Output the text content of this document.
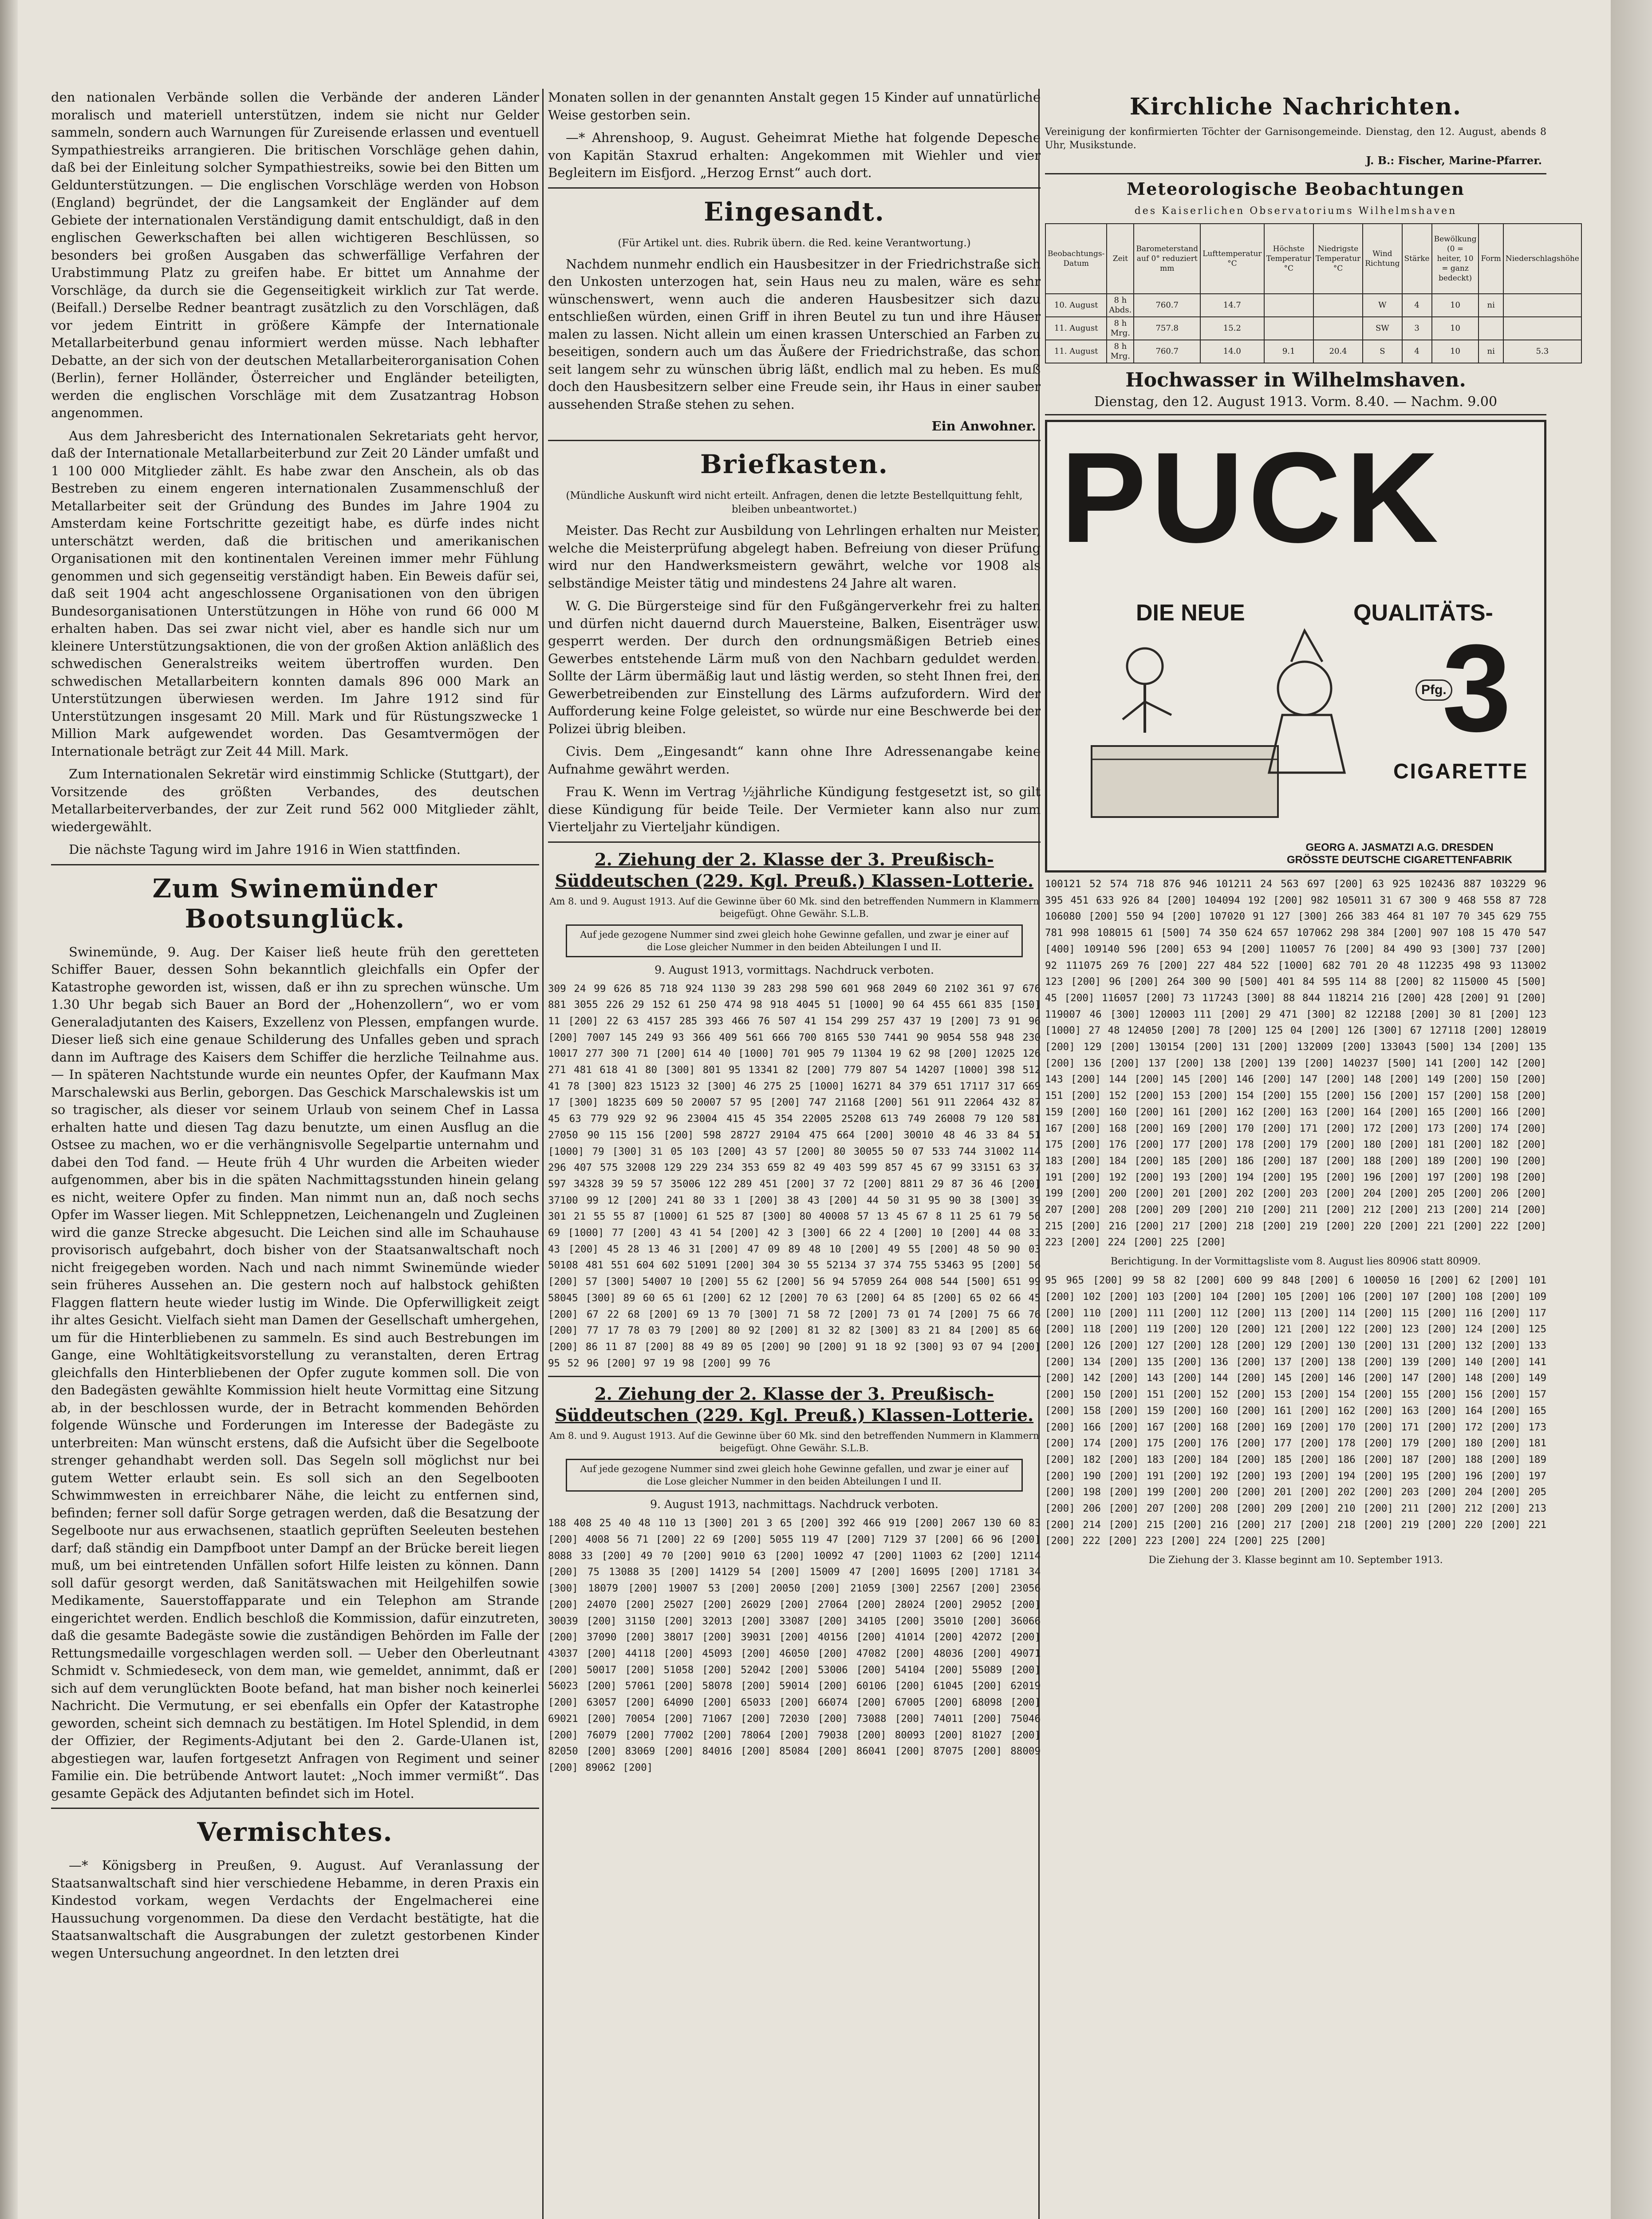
den nationalen Verbände sollen die Verbände der anderen Länder moralisch und materiell unterstützen, indem sie nicht nur Gelder sammeln, sondern auch Warnungen für Zureisende erlassen und eventuell Sympathiestreiks arrangieren. Die britischen Vorschläge gehen dahin, daß bei der Einleitung solcher Sympathiestreiks, sowie bei den Bitten um Geldunterstützungen. — Die englischen Vorschläge werden von Hobson (England) begründet, der die Langsamkeit der Engländer auf dem Gebiete der internationalen Verständigung damit entschuldigt, daß in den englischen Gewerkschaften bei allen wichtigeren Beschlüssen, so besonders bei großen Ausgaben das schwerfällige Verfahren der Urabstimmung Platz zu greifen habe. Er bittet um Annahme der Vorschläge, da durch sie die Gegenseitigkeit wirklich zur Tat werde. (Beifall.) Derselbe Redner beantragt zusätzlich zu den Vorschlägen, daß vor jedem Eintritt in größere Kämpfe der Internationale Metallarbeiterbund genau informiert werden müsse. Nach lebhafter Debatte, an der sich von der deutschen Metallarbeiterorganisation Cohen (Berlin), ferner Holländer, Österreicher und Engländer beteiligten, werden die englischen Vorschläge mit dem Zusatzantrag Hobson angenommen.

Aus dem Jahresbericht des Internationalen Sekretariats geht hervor, daß der Internationale Metallarbeiterbund zur Zeit 20 Länder umfaßt und 1 100 000 Mitglieder zählt. Es habe zwar den Anschein, als ob das Bestreben zu einem engeren internationalen Zusammenschluß der Metallarbeiter seit der Gründung des Bundes im Jahre 1904 zu Amsterdam keine Fortschritte gezeitigt habe, es dürfe indes nicht unterschätzt werden, daß die britischen und amerikanischen Organisationen mit den kontinentalen Vereinen immer mehr Fühlung genommen und sich gegenseitig verständigt haben. Ein Beweis dafür sei, daß seit 1904 acht angeschlossene Organisationen von den übrigen Bundesorganisationen Unterstützungen in Höhe von rund 66 000 M erhalten haben. Das sei zwar nicht viel, aber es handle sich nur um kleinere Unterstützungsaktionen, die von der großen Aktion anläßlich des schwedischen Generalstreiks weitem übertroffen wurden. Den schwedischen Metallarbeitern konnten damals 896 000 Mark an Unterstützungen überwiesen werden. Im Jahre 1912 sind für Unterstützungen insgesamt 20 Mill. Mark und für Rüstungszwecke 1 Million Mark aufgewendet worden. Das Gesamtvermögen der Internationale beträgt zur Zeit 44 Mill. Mark.

Zum Internationalen Sekretär wird einstimmig Schlicke (Stuttgart), der Vorsitzende des größten Verbandes, des deutschen Metallarbeiterverbandes, der zur Zeit rund 562 000 Mitglieder zählt, wiedergewählt.

Die nächste Tagung wird im Jahre 1916 in Wien stattfinden.

Zum Swinemünder Bootsunglück.

Swinemünde, 9. Aug. Der Kaiser ließ heute früh den geretteten Schiffer Bauer, dessen Sohn bekanntlich gleichfalls ein Opfer der Katastrophe geworden ist, wissen, daß er ihn zu sprechen wünsche. Um 1.30 Uhr begab sich Bauer an Bord der „Hohenzollern“, wo er vom Generaladjutanten des Kaisers, Exzellenz von Plessen, empfangen wurde. Dieser ließ sich eine genaue Schilderung des Unfalles geben und sprach dann im Auftrage des Kaisers dem Schiffer die herzliche Teilnahme aus. — In späteren Nachtstunde wurde ein neuntes Opfer, der Kaufmann Max Marschalewski aus Berlin, geborgen. Das Geschick Marschalewskis ist um so tragischer, als dieser vor seinem Urlaub von seinem Chef in Lassa erhalten hatte und diesen Tag dazu benutzte, um einen Ausflug an die Ostsee zu machen, wo er die verhängnisvolle Segelpartie unternahm und dabei den Tod fand. — Heute früh 4 Uhr wurden die Arbeiten wieder aufgenommen, aber bis in die späten Nachmittagsstunden hinein gelang es nicht, weitere Opfer zu finden. Man nimmt nun an, daß noch sechs Opfer im Wasser liegen. Mit Schleppnetzen, Leichenangeln und Zugleinen wird die ganze Strecke abgesucht. Die Leichen sind alle im Schauhause provisorisch aufgebahrt, doch bisher von der Staatsanwaltschaft noch nicht freigegeben worden. Nach und nach nimmt Swinemünde wieder sein früheres Aussehen an. Die gestern noch auf halbstock gehißten Flaggen flattern heute wieder lustig im Winde. Die Opferwilligkeit zeigt ihr altes Gesicht. Vielfach sieht man Damen der Gesellschaft umhergehen, um für die Hinterbliebenen zu sammeln. Es sind auch Bestrebungen im Gange, eine Wohltätigkeitsvorstellung zu veranstalten, deren Ertrag gleichfalls den Hinterbliebenen der Opfer zugute kommen soll. Die von den Badegästen gewählte Kommission hielt heute Vormittag eine Sitzung ab, in der beschlossen wurde, der in Betracht kommenden Behörden folgende Wünsche und Forderungen im Interesse der Badegäste zu unterbreiten: Man wünscht erstens, daß die Aufsicht über die Segelboote strenger gehandhabt werden soll. Das Segeln soll möglichst nur bei gutem Wetter erlaubt sein. Es soll sich an den Segelbooten Schwimmwesten in erreichbarer Nähe, die leicht zu entfernen sind, befinden; ferner soll dafür Sorge getragen werden, daß die Besatzung der Segelboote nur aus erwachsenen, staatlich geprüften Seeleuten bestehen darf; daß ständig ein Dampfboot unter Dampf an der Brücke bereit liegen muß, um bei eintretenden Unfällen sofort Hilfe leisten zu können. Dann soll dafür gesorgt werden, daß Sanitätswachen mit Heilgehilfen sowie Medikamente, Sauerstoffapparate und ein Telephon am Strande eingerichtet werden. Endlich beschloß die Kommission, dafür einzutreten, daß die gesamte Badegäste sowie die zuständigen Behörden im Falle der Rettungsmedaille vorgeschlagen werden soll. — Ueber den Oberleutnant Schmidt v. Schmiedeseck, von dem man, wie gemeldet, annimmt, daß er sich auf dem verunglückten Boote befand, hat man bisher noch keinerlei Nachricht. Die Vermutung, er sei ebenfalls ein Opfer der Katastrophe geworden, scheint sich demnach zu bestätigen. Im Hotel Splendid, in dem der Offizier, der Regiments-Adjutant bei den 2. Garde-Ulanen ist, abgestiegen war, laufen fortgesetzt Anfragen von Regiment und seiner Familie ein. Die betrübende Antwort lautet: „Noch immer vermißt“. Das gesamte Gepäck des Adjutanten befindet sich im Hotel.

Vermischtes.

—* Königsberg in Preußen, 9. August. Auf Veranlassung der Staatsanwaltschaft sind hier verschiedene Hebamme, in deren Praxis ein Kindestod vorkam, wegen Verdachts der Engelmacherei eine Haussuchung vorgenommen. Da diese den Verdacht bestätigte, hat die Staatsanwaltschaft die Ausgrabungen der zuletzt gestorbenen Kinder wegen Untersuchung angeordnet. In den letzten drei

Monaten sollen in der genannten Anstalt gegen 15 Kinder auf unnatürliche Weise gestorben sein.

—* Ahrenshoop, 9. August. Geheimrat Miethe hat folgende Depesche von Kapitän Staxrud erhalten: Angekommen mit Wiehler und vier Begleitern im Eisfjord. „Herzog Ernst“ auch dort.

Eingesandt.
(Für Artikel unt. dies. Rubrik übern. die Red. keine Verantwortung.)

Nachdem nunmehr endlich ein Hausbesitzer in der Friedrichstraße sich den Unkosten unterzogen hat, sein Haus neu zu malen, wäre es sehr wünschenswert, wenn auch die anderen Hausbesitzer sich dazu entschließen würden, einen Griff in ihren Beutel zu tun und ihre Häuser malen zu lassen. Nicht allein um einen krassen Unterschied an Farben zu beseitigen, sondern auch um das Äußere der Friedrichstraße, das schon seit langem sehr zu wünschen übrig läßt, endlich mal zu heben. Es muß doch den Hausbesitzern selber eine Freude sein, ihr Haus in einer sauber aussehenden Straße stehen zu sehen.

Ein Anwohner.
Briefkasten.
(Mündliche Auskunft wird nicht erteilt. Anfragen, denen die letzte Bestellquittung fehlt, bleiben unbeantwortet.)

Meister. Das Recht zur Ausbildung von Lehrlingen erhalten nur Meister, welche die Meisterprüfung abgelegt haben. Befreiung von dieser Prüfung wird nur den Handwerksmeistern gewährt, welche vor 1908 als selbständige Meister tätig und mindestens 24 Jahre alt waren.

W. G. Die Bürgersteige sind für den Fußgängerverkehr frei zu halten und dürfen nicht dauernd durch Mauersteine, Balken, Eisenträger usw. gesperrt werden. Der durch den ordnungsmäßigen Betrieb eines Gewerbes entstehende Lärm muß von den Nachbarn geduldet werden. Sollte der Lärm übermäßig laut und lästig werden, so steht Ihnen frei, den Gewerbetreibenden zur Einstellung des Lärms aufzufordern. Wird der Aufforderung keine Folge geleistet, so würde nur eine Beschwerde bei der Polizei übrig bleiben.

Civis. Dem „Eingesandt“ kann ohne Ihre Adressenangabe keine Aufnahme gewährt werden.

Frau K. Wenn im Vertrag ½jährliche Kündigung festgesetzt ist, so gilt diese Kündigung für beide Teile. Der Vermieter kann also nur zum Vierteljahr zu Vierteljahr kündigen.

2. Ziehung der 2. Klasse der 3. Preußisch-Süddeutschen (229. Kgl. Preuß.) Klassen-Lotterie.
Am 8. und 9. August 1913. Auf die Gewinne über 60 Mk. sind den betreffenden Nummern in Klammern beigefügt. Ohne Gewähr. S.L.B.
Auf jede gezogene Nummer sind zwei gleich hohe Gewinne gefallen, und zwar je einer auf die Lose gleicher Nummer in den beiden Abteilungen I und II.
9. August 1913, vormittags. Nachdruck verboten.
309 24 99 626 85 718 924 1130 39 283 298 590 601 968 2049 60 2102 361 97 676 881 3055 226 29 152 61 250 474 98 918 4045 51 [1000] 90 64 455 661 835 [150] 11 [200] 22 63 4157 285 393 466 76 507 41 154 299 257 437 19 [200] 73 91 96 [200] 7007 145 249 93 366 409 561 666 700 8165 530 7441 90 9054 558 948 230 10017 277 300 71 [200] 614 40 [1000] 701 905 79 11304 19 62 98 [200] 12025 126 271 481 618 41 80 [300] 801 95 13341 82 [200] 779 807 54 14207 [1000] 398 512 41 78 [300] 823 15123 32 [300] 46 275 25 [1000] 16271 84 379 651 17117 317 669 17 [300] 18235 609 50 20007 57 95 [200] 747 21168 [200] 561 911 22064 432 87 45 63 779 929 92 96 23004 415 45 354 22005 25208 613 749 26008 79 120 581 27050 90 115 156 [200] 598 28727 29104 475 664 [200] 30010 48 46 33 84 51 [1000] 79 [300] 31 05 103 [200] 43 57 [200] 80 30055 50 07 533 744 31002 114 296 407 575 32008 129 229 234 353 659 82 49 403 599 857 45 67 99 33151 63 37 597 34328 39 59 57 35006 122 289 451 [200] 37 72 [200] 8811 29 87 36 46 [200] 37100 99 12 [200] 241 80 33 1 [200] 38 43 [200] 44 50 31 95 90 38 [300] 39 301 21 55 55 87 [1000] 61 525 87 [300] 80 40008 57 13 45 67 8 11 25 61 79 56 69 [1000] 77 [200] 43 41 54 [200] 42 3 [300] 66 22 4 [200] 10 [200] 44 08 33 43 [200] 45 28 13 46 31 [200] 47 09 89 48 10 [200] 49 55 [200] 48 50 90 03 50108 481 551 604 602 51091 [200] 304 30 55 52134 37 374 755 53463 95 [200] 56 [200] 57 [300] 54007 10 [200] 55 62 [200] 56 94 57059 264 008 544 [500] 651 99 58045 [300] 89 60 65 61 [200] 62 12 [200] 70 63 [200] 64 85 [200] 65 02 66 45 [200] 67 22 68 [200] 69 13 70 [300] 71 58 72 [200] 73 01 74 [200] 75 66 76 [200] 77 17 78 03 79 [200] 80 92 [200] 81 32 82 [300] 83 21 84 [200] 85 60 [200] 86 11 87 [200] 88 49 89 05 [200] 90 [200] 91 18 92 [300] 93 07 94 [200] 95 52 96 [200] 97 19 98 [200] 99 76
2. Ziehung der 2. Klasse der 3. Preußisch-Süddeutschen (229. Kgl. Preuß.) Klassen-Lotterie.
Am 8. und 9. August 1913. Auf die Gewinne über 60 Mk. sind den betreffenden Nummern in Klammern beigefügt. Ohne Gewähr. S.L.B.
Auf jede gezogene Nummer sind zwei gleich hohe Gewinne gefallen, und zwar je einer auf die Lose gleicher Nummer in den beiden Abteilungen I und II.
9. August 1913, nachmittags. Nachdruck verboten.
188 408 25 40 48 110 13 [300] 201 3 65 [200] 392 466 919 [200] 2067 130 60 83 [200] 4008 56 71 [200] 22 69 [200] 5055 119 47 [200] 7129 37 [200] 66 96 [200] 8088 33 [200] 49 70 [200] 9010 63 [200] 10092 47 [200] 11003 62 [200] 12114 [200] 75 13088 35 [200] 14129 54 [200] 15009 47 [200] 16095 [200] 17181 34 [300] 18079 [200] 19007 53 [200] 20050 [200] 21059 [300] 22567 [200] 23056 [200] 24070 [200] 25027 [200] 26029 [200] 27064 [200] 28024 [200] 29052 [200] 30039 [200] 31150 [200] 32013 [200] 33087 [200] 34105 [200] 35010 [200] 36066 [200] 37090 [200] 38017 [200] 39031 [200] 40156 [200] 41014 [200] 42072 [200] 43037 [200] 44118 [200] 45093 [200] 46050 [200] 47082 [200] 48036 [200] 49071 [200] 50017 [200] 51058 [200] 52042 [200] 53006 [200] 54104 [200] 55089 [200] 56023 [200] 57061 [200] 58078 [200] 59014 [200] 60106 [200] 61045 [200] 62019 [200] 63057 [200] 64090 [200] 65033 [200] 66074 [200] 67005 [200] 68098 [200] 69021 [200] 70054 [200] 71067 [200] 72030 [200] 73088 [200] 74011 [200] 75046 [200] 76079 [200] 77002 [200] 78064 [200] 79038 [200] 80093 [200] 81027 [200] 82050 [200] 83069 [200] 84016 [200] 85084 [200] 86041 [200] 87075 [200] 88009 [200] 89062 [200]
Kirchliche Nachrichten.
Vereinigung der konfirmierten Töchter der Garnisongemeinde. Dienstag, den 12. August, abends 8 Uhr, Musikstunde.
J. B.: Fischer, Marine-Pfarrer.
Meteorologische Beobachtungen
des Kaiserlichen Observatoriums Wilhelmshaven
Beobachtungs-Datum	Zeit	Barometerstand auf 0° reduziert mm	Lufttemperatur °C	Höchste Temperatur °C	Niedrigste Temperatur °C	Wind Richtung	Stärke	Bewölkung (0 = heiter, 10 = ganz bedeckt)	Form	Niederschlagshöhe
10. August	8 h Abds.	760.7	14.7			W	4	10	ni	
11. August	8 h Mrg.	757.8	15.2			SW	3	10		
11. August	8 h Mrg.	760.7	14.0	9.1	20.4	S	4	10	ni	5.3
Hochwasser in Wilhelmshaven.
Dienstag, den 12. August 1913. Vorm. 8.40. — Nachm. 9.00
PUCK
DIE NEUE	QUALITÄTS-
3
Pfg.
CIGARETTE
GEORG A. JASMATZI A.G. DRESDEN
GRÖSSTE DEUTSCHE CIGARETTENFABRIK
100121 52 574 718 876 946 101211 24 563 697 [200] 63 925 102436 887 103229 96 395 451 633 926 84 [200] 104094 192 [200] 982 105011 31 67 300 9 468 558 87 728 106080 [200] 550 94 [200] 107020 91 127 [300] 266 383 464 81 107 70 345 629 755 781 998 108015 61 [500] 74 350 624 657 107062 298 384 [200] 907 108 15 470 547 [400] 109140 596 [200] 653 94 [200] 110057 76 [200] 84 490 93 [300] 737 [200] 92 111075 269 76 [200] 227 484 522 [1000] 682 701 20 48 112235 498 93 113002 123 [200] 96 [200] 264 300 90 [500] 401 84 595 114 88 [200] 82 115000 45 [500] 45 [200] 116057 [200] 73 117243 [300] 88 844 118214 216 [200] 428 [200] 91 [200] 119007 46 [300] 120003 111 [200] 29 471 [300] 82 122188 [200] 30 81 [200] 123 [1000] 27 48 124050 [200] 78 [200] 125 04 [200] 126 [300] 67 127118 [200] 128019 [200] 129 [200] 130154 [200] 131 [200] 132009 [200] 133043 [500] 134 [200] 135 [200] 136 [200] 137 [200] 138 [200] 139 [200] 140237 [500] 141 [200] 142 [200] 143 [200] 144 [200] 145 [200] 146 [200] 147 [200] 148 [200] 149 [200] 150 [200] 151 [200] 152 [200] 153 [200] 154 [200] 155 [200] 156 [200] 157 [200] 158 [200] 159 [200] 160 [200] 161 [200] 162 [200] 163 [200] 164 [200] 165 [200] 166 [200] 167 [200] 168 [200] 169 [200] 170 [200] 171 [200] 172 [200] 173 [200] 174 [200] 175 [200] 176 [200] 177 [200] 178 [200] 179 [200] 180 [200] 181 [200] 182 [200] 183 [200] 184 [200] 185 [200] 186 [200] 187 [200] 188 [200] 189 [200] 190 [200] 191 [200] 192 [200] 193 [200] 194 [200] 195 [200] 196 [200] 197 [200] 198 [200] 199 [200] 200 [200] 201 [200] 202 [200] 203 [200] 204 [200] 205 [200] 206 [200] 207 [200] 208 [200] 209 [200] 210 [200] 211 [200] 212 [200] 213 [200] 214 [200] 215 [200] 216 [200] 217 [200] 218 [200] 219 [200] 220 [200] 221 [200] 222 [200] 223 [200] 224 [200] 225 [200]
Berichtigung. In der Vormittagsliste vom 8. August lies 80906 statt 80909.
95 965 [200] 99 58 82 [200] 600 99 848 [200] 6 100050 16 [200] 62 [200] 101 [200] 102 [200] 103 [200] 104 [200] 105 [200] 106 [200] 107 [200] 108 [200] 109 [200] 110 [200] 111 [200] 112 [200] 113 [200] 114 [200] 115 [200] 116 [200] 117 [200] 118 [200] 119 [200] 120 [200] 121 [200] 122 [200] 123 [200] 124 [200] 125 [200] 126 [200] 127 [200] 128 [200] 129 [200] 130 [200] 131 [200] 132 [200] 133 [200] 134 [200] 135 [200] 136 [200] 137 [200] 138 [200] 139 [200] 140 [200] 141 [200] 142 [200] 143 [200] 144 [200] 145 [200] 146 [200] 147 [200] 148 [200] 149 [200] 150 [200] 151 [200] 152 [200] 153 [200] 154 [200] 155 [200] 156 [200] 157 [200] 158 [200] 159 [200] 160 [200] 161 [200] 162 [200] 163 [200] 164 [200] 165 [200] 166 [200] 167 [200] 168 [200] 169 [200] 170 [200] 171 [200] 172 [200] 173 [200] 174 [200] 175 [200] 176 [200] 177 [200] 178 [200] 179 [200] 180 [200] 181 [200] 182 [200] 183 [200] 184 [200] 185 [200] 186 [200] 187 [200] 188 [200] 189 [200] 190 [200] 191 [200] 192 [200] 193 [200] 194 [200] 195 [200] 196 [200] 197 [200] 198 [200] 199 [200] 200 [200] 201 [200] 202 [200] 203 [200] 204 [200] 205 [200] 206 [200] 207 [200] 208 [200] 209 [200] 210 [200] 211 [200] 212 [200] 213 [200] 214 [200] 215 [200] 216 [200] 217 [200] 218 [200] 219 [200] 220 [200] 221 [200] 222 [200] 223 [200] 224 [200] 225 [200]
Die Ziehung der 3. Klasse beginnt am 10. September 1913.
